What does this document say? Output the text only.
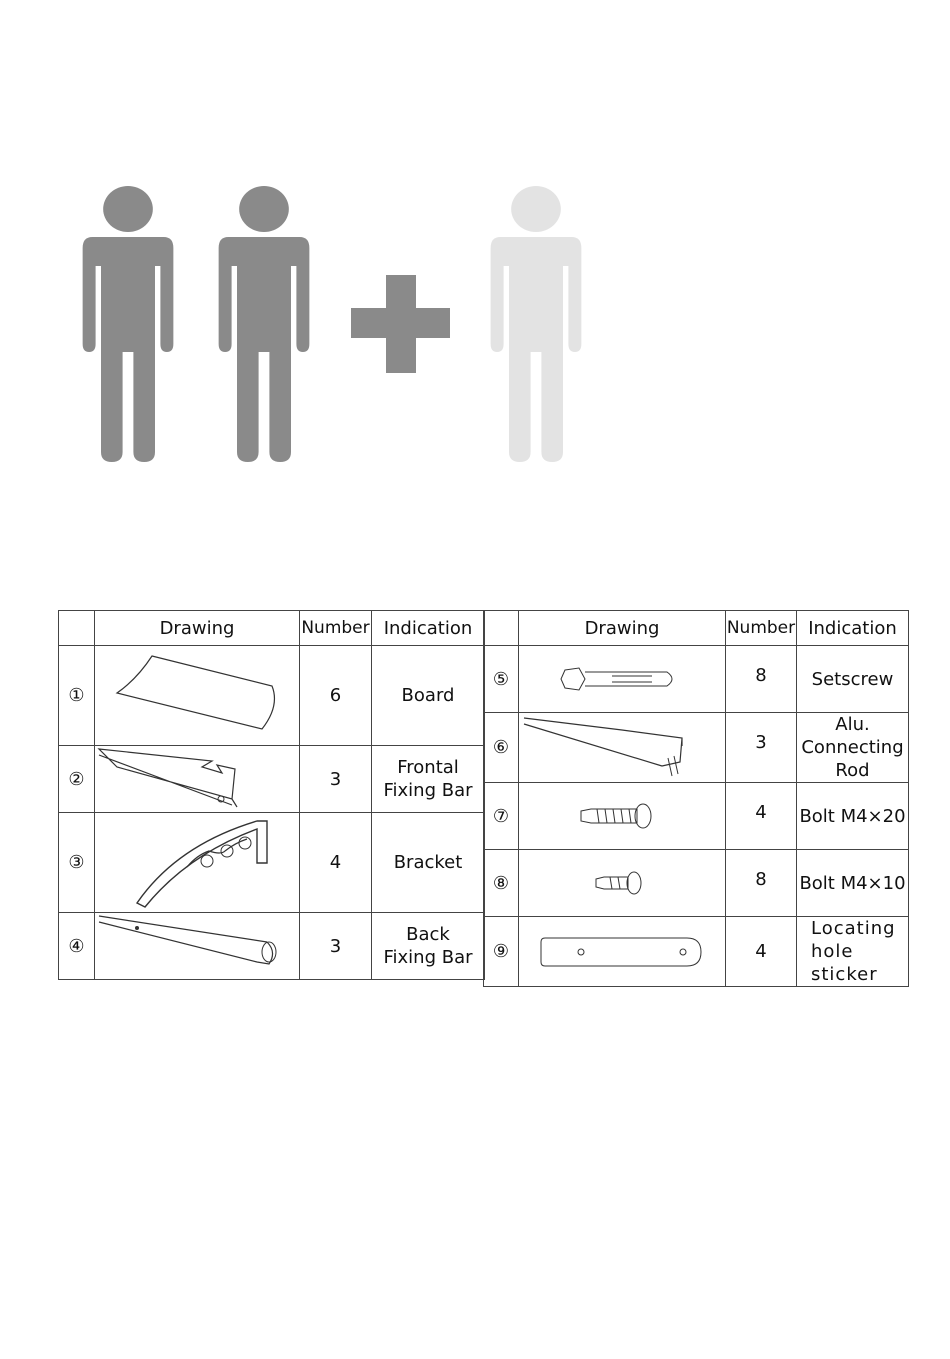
	Drawing	Number	Indication
①		6	Board
②		3	Frontal
Fixing Bar
③		4	Bracket
④		3	Back
Fixing Bar
	Drawing	Number	Indication
⑤		8	Setscrew
⑥		3	Alu.
Connecting
Rod
⑦		4	Bolt M4×20
⑧		8	Bolt M4×10
⑨		4	Locating
hole
sticker
